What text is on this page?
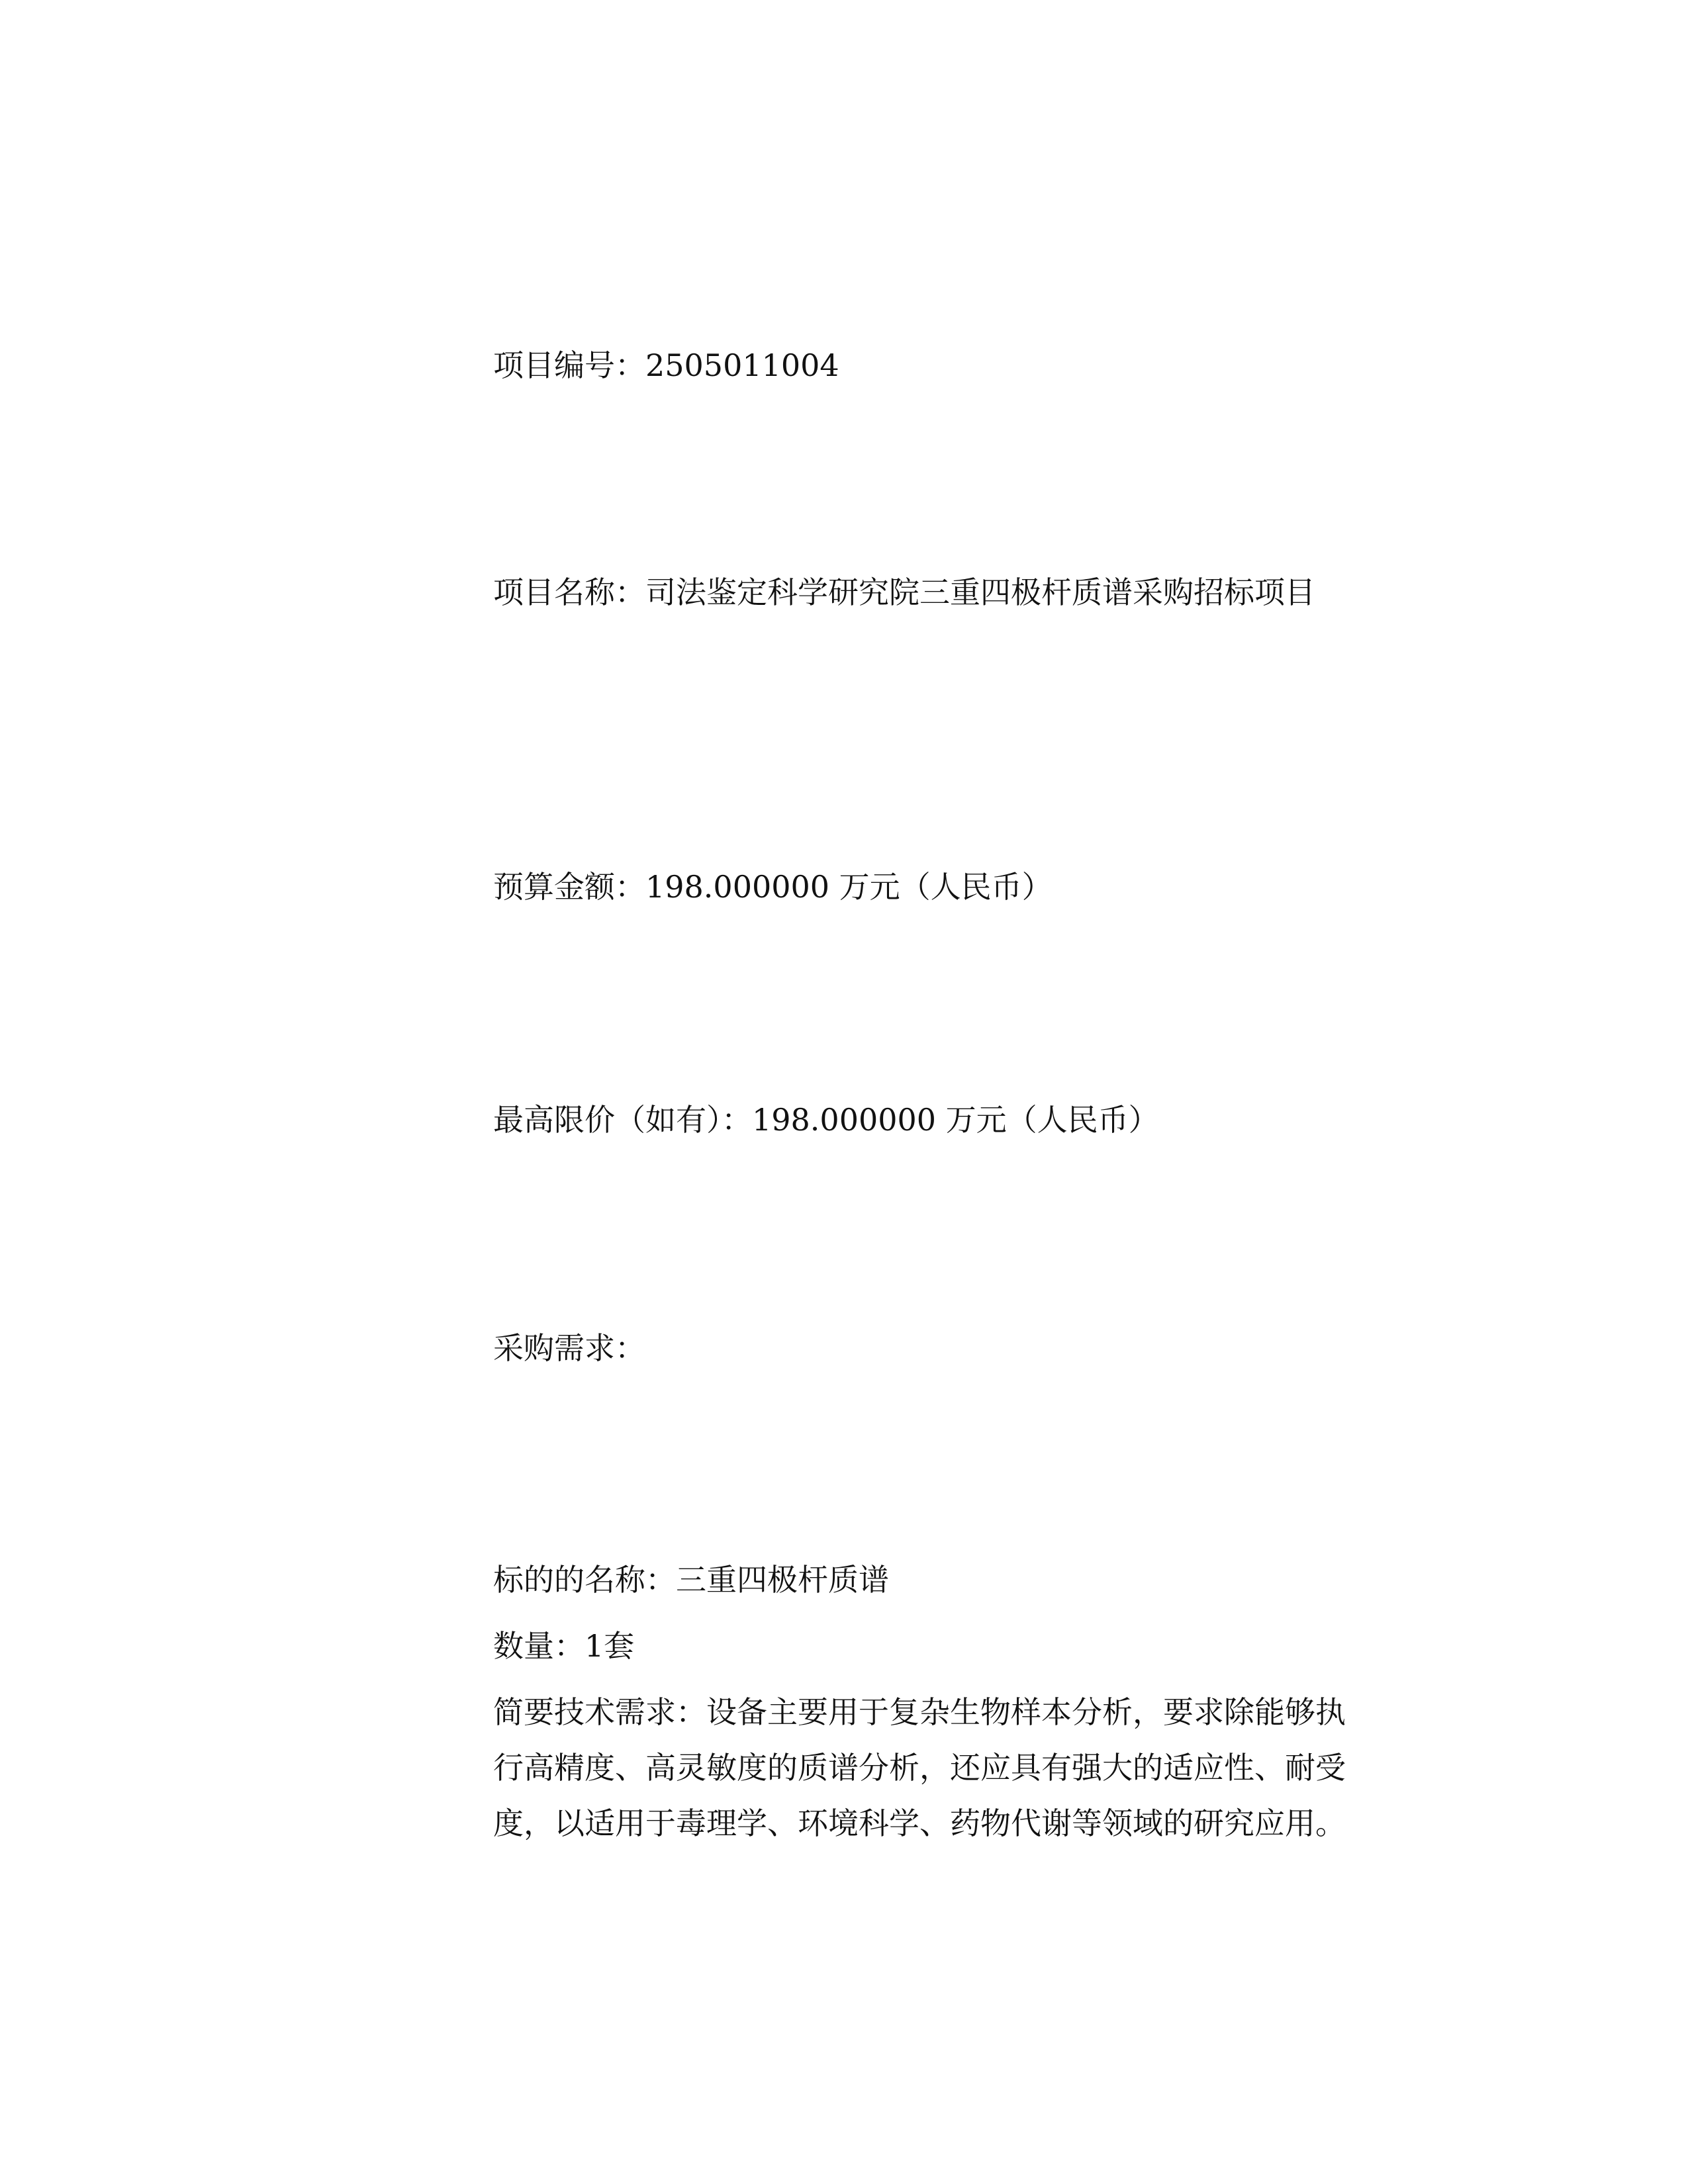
项目编号：2505011004

项目名称：司法鉴定科学研究院三重四极杆质谱采购招标项目

预算金额：198.000000 万元（人民币）

最高限价（如有）：198.000000 万元（人民币）

采购需求：

标的的名称：三重四极杆质谱

数量：1套

简要技术需求：设备主要用于复杂生物样本分析，要求除能够执行高精度、高灵敏度的质谱分析，还应具有强大的适应性、耐受度，以适用于毒理学、环境科学、药物代谢等领域的研究应用。
